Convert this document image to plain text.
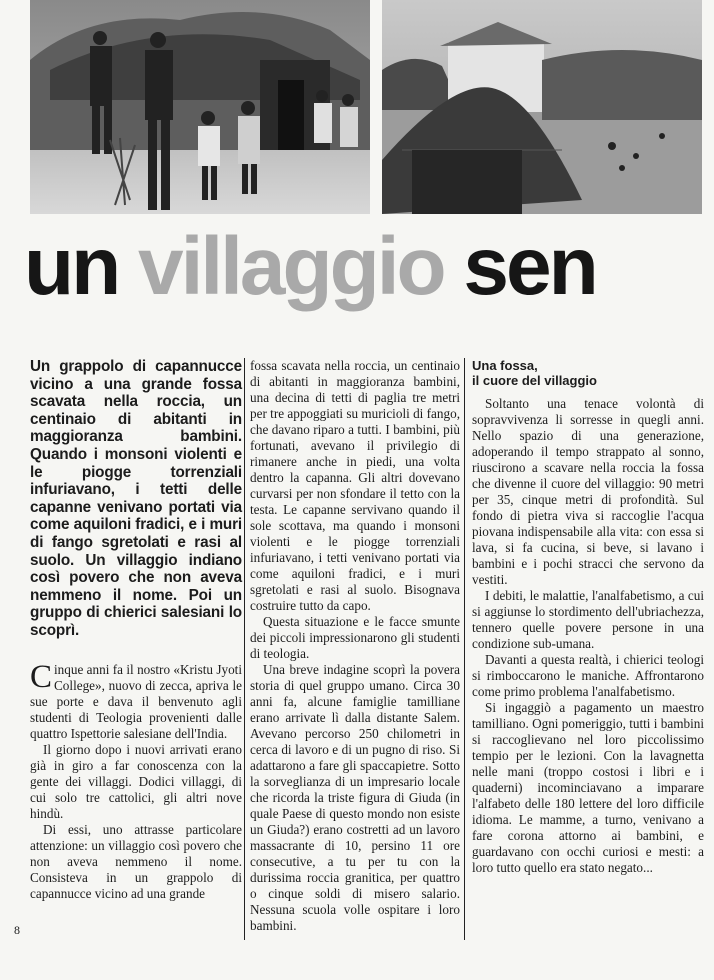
un villaggio sen

Un grappolo di capannucce vicino a una grande fossa scavata nella roccia, un centinaio di abitanti in maggioranza bambini. Quando i monsoni violenti e le piogge torrenziali infuriavano, i tetti delle capanne venivano portati via come aquiloni fradici, e i muri di fango sgretolati e rasi al suolo. Un villaggio indiano così povero che non aveva nemmeno il nome. Poi un gruppo di chierici salesiani lo scoprì.

Cinque anni fa il nostro «Kristu Jyoti College», nuovo di zecca, apriva le sue porte e dava il benvenuto agli studenti di Teologia provenienti dalle quattro Ispettorie salesiane dell'India.

Il giorno dopo i nuovi arrivati erano già in giro a far conoscenza con la gente dei villaggi. Dodici villaggi, di cui solo tre cattolici, gli altri nove hindù.

Di essi, uno attrasse particolare attenzione: un villaggio così povero che non aveva nemmeno il nome. Consisteva in un grappolo di capannucce vicino ad una grande

fossa scavata nella roccia, un centinaio di abitanti in maggioranza bambini, una decina di tetti di paglia tre metri per tre appoggiati su muricioli di fango, che davano riparo a tutti. I bambini, più fortunati, avevano il privilegio di rimanere anche in piedi, una volta dentro la capanna. Gli altri dovevano curvarsi per non sfondare il tetto con la testa. Le capanne servivano quando il sole scottava, ma quando i monsoni violenti e le piogge torrenziali infuriavano, i tetti venivano portati via come aquiloni fradici, e i muri sgretolati e rasi al suolo. Bisognava costruire tutto da capo.

Questa situazione e le facce smunte dei piccoli impressionarono gli studenti di teologia.

Una breve indagine scoprì la povera storia di quel gruppo umano. Circa 30 anni fa, alcune famiglie tamilliane erano arrivate lì dalla distante Salem. Avevano percorso 250 chilometri in cerca di lavoro e di un pugno di riso. Si adattarono a fare gli spaccapietre. Sotto la sorveglianza di un impresario locale che ricorda la triste figura di Giuda (in quale Paese di questo mondo non esiste un Giuda?) erano costretti ad un lavoro massacrante di 10, persino 11 ore consecutive, a tu per tu con la durissima roccia granitica, per quattro o cinque soldi di misero salario. Nessuna scuola volle ospitare i loro bambini.

Una fossa,
il cuore del villaggio

Soltanto una tenace volontà di sopravvivenza li sorresse in quegli anni. Nello spazio di una generazione, adoperando il tempo strappato al sonno, riuscirono a scavare nella roccia la fossa che divenne il cuore del villaggio: 90 metri per 35, cinque metri di profondità. Sul fondo di pietra viva si raccoglie l'acqua piovana indispensabile alla vita: con essa si lava, si fa cucina, si beve, si lavano i bambini e i pochi stracci che servono da vestiti.

I debiti, le malattie, l'analfabetismo, a cui si aggiunse lo stordimento dell'ubriachezza, tennero quelle povere persone in una condizione sub-umana.

Davanti a questa realtà, i chierici teologi si rimboccarono le maniche. Affrontarono come primo problema l'analfabetismo.

Si ingaggiò a pagamento un maestro tamilliano. Ogni pomeriggio, tutti i bambini si raccoglievano nel loro piccolissimo tempio per le lezioni. Con la lavagnetta nelle mani (troppo costosi i libri e i quaderni) incominciavano a imparare l'alfabeto delle 180 lettere del loro difficile idioma. Le mamme, a turno, venivano a fare corona attorno ai bambini, e guardavano con occhi curiosi e mesti: a loro tutto quello era stato negato...

8
